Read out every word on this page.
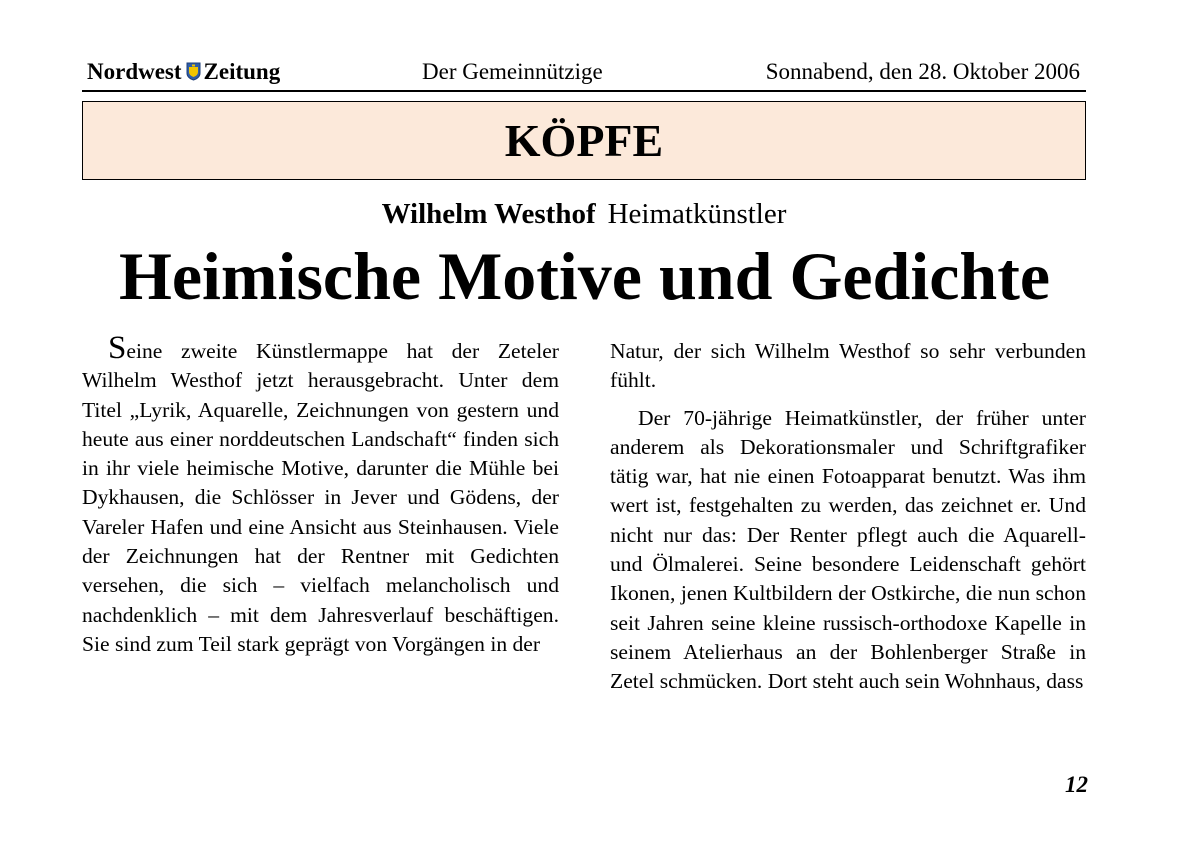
Nordwest Zeitung	Der Gemeinnützige	Sonnabend, den 28. Oktober 2006
KÖPFE
Wilhelm Westhof Heimatkünstler
Heimische Motive und Gedichte

Seine zweite Künstlermappe hat der Zeteler Wilhelm Westhof jetzt herausgebracht. Unter dem Titel „Lyrik, Aquarelle, Zeichnungen von gestern und heute aus einer norddeutschen Landschaft“ finden sich in ihr viele heimische Motive, darunter die Mühle bei Dykhausen, die Schlösser in Jever und Gödens, der Vareler Hafen und eine Ansicht aus Steinhausen. Viele der Zeichnungen hat der Rentner mit Gedichten versehen, die sich – vielfach melancholisch und nachdenklich – mit dem Jahresverlauf beschäftigen. Sie sind zum Teil stark geprägt von Vorgängen in der

Natur, der sich Wilhelm Westhof so sehr verbunden fühlt.

Der 70-jährige Heimatkünstler, der früher unter anderem als Dekorationsmaler und Schriftgrafiker tätig war, hat nie einen Fotoapparat benutzt. Was ihm wert ist, festgehalten zu werden, das zeichnet er. Und nicht nur das: Der Renter pflegt auch die Aquarell- und Ölmalerei. Seine besondere Leidenschaft gehört Ikonen, jenen Kultbildern der Ostkirche, die nun schon seit Jahren seine kleine russisch-orthodoxe Kapelle in seinem Atelierhaus an der Bohlenberger Straße in Zetel schmücken. Dort steht auch sein Wohnhaus, dass

12
